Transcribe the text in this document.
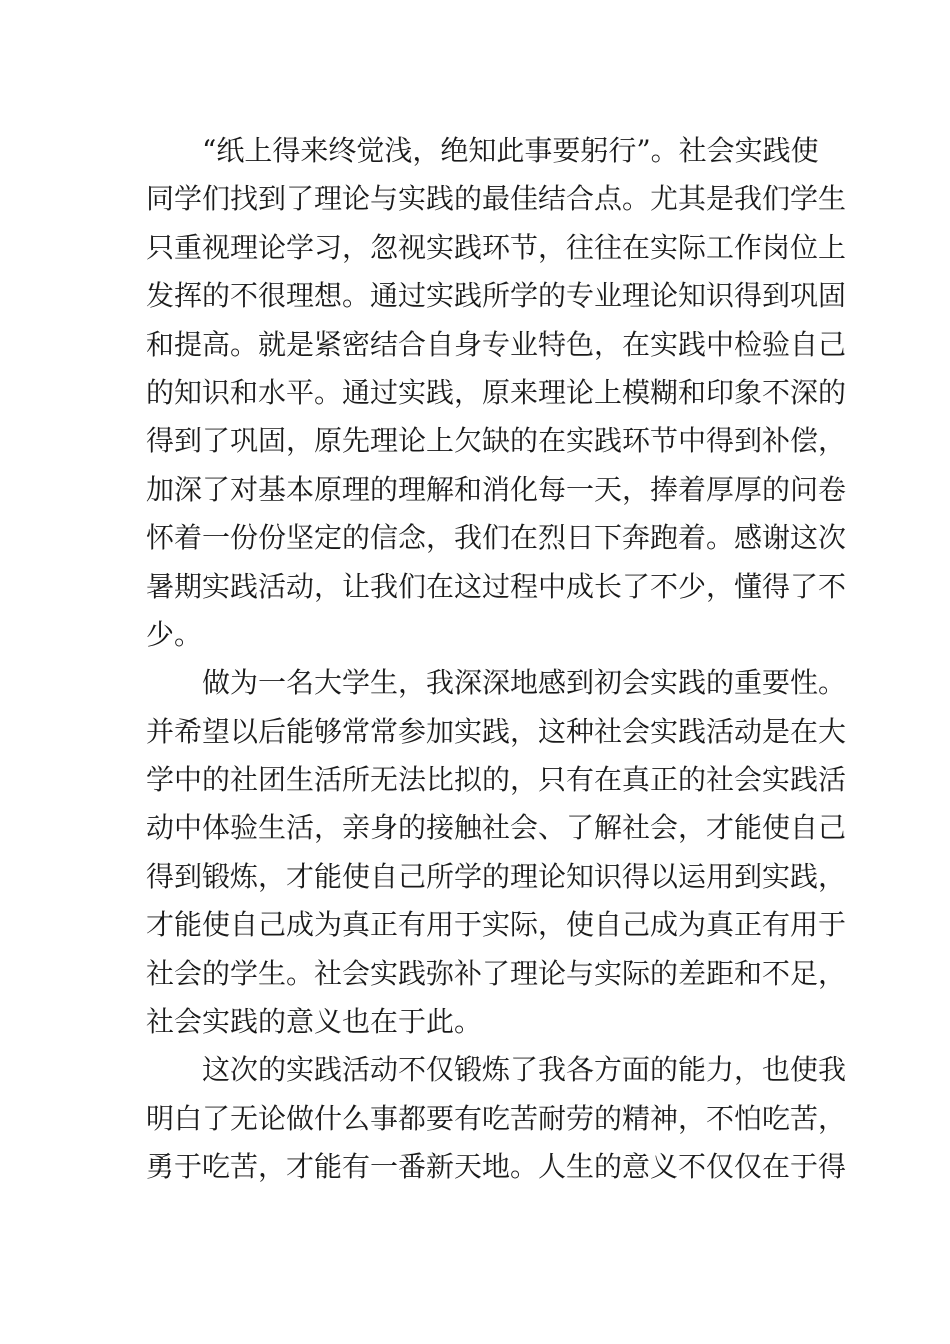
“纸上得来终觉浅，绝知此事要躬行”。社会实践使
同学们找到了理论与实践的最佳结合点。尤其是我们学生
只重视理论学习，忽视实践环节，往往在实际工作岗位上
发挥的不很理想。通过实践所学的专业理论知识得到巩固
和提高。就是紧密结合自身专业特色，在实践中检验自己
的知识和水平。通过实践，原来理论上模糊和印象不深的
得到了巩固，原先理论上欠缺的在实践环节中得到补偿，
加深了对基本原理的理解和消化每一天，捧着厚厚的问卷
怀着一份份坚定的信念，我们在烈日下奔跑着。感谢这次
暑期实践活动，让我们在这过程中成长了不少，懂得了不
少。
做为一名大学生，我深深地感到初会实践的重要性。
并希望以后能够常常参加实践，这种社会实践活动是在大
学中的社团生活所无法比拟的，只有在真正的社会实践活
动中体验生活，亲身的接触社会、了解社会，才能使自己
得到锻炼，才能使自己所学的理论知识得以运用到实践，
才能使自己成为真正有用于实际，使自己成为真正有用于
社会的学生。社会实践弥补了理论与实际的差距和不足，
社会实践的意义也在于此。
这次的实践活动不仅锻炼了我各方面的能力，也使我
明白了无论做什么事都要有吃苦耐劳的精神，不怕吃苦，
勇于吃苦，才能有一番新天地。人生的意义不仅仅在于得
